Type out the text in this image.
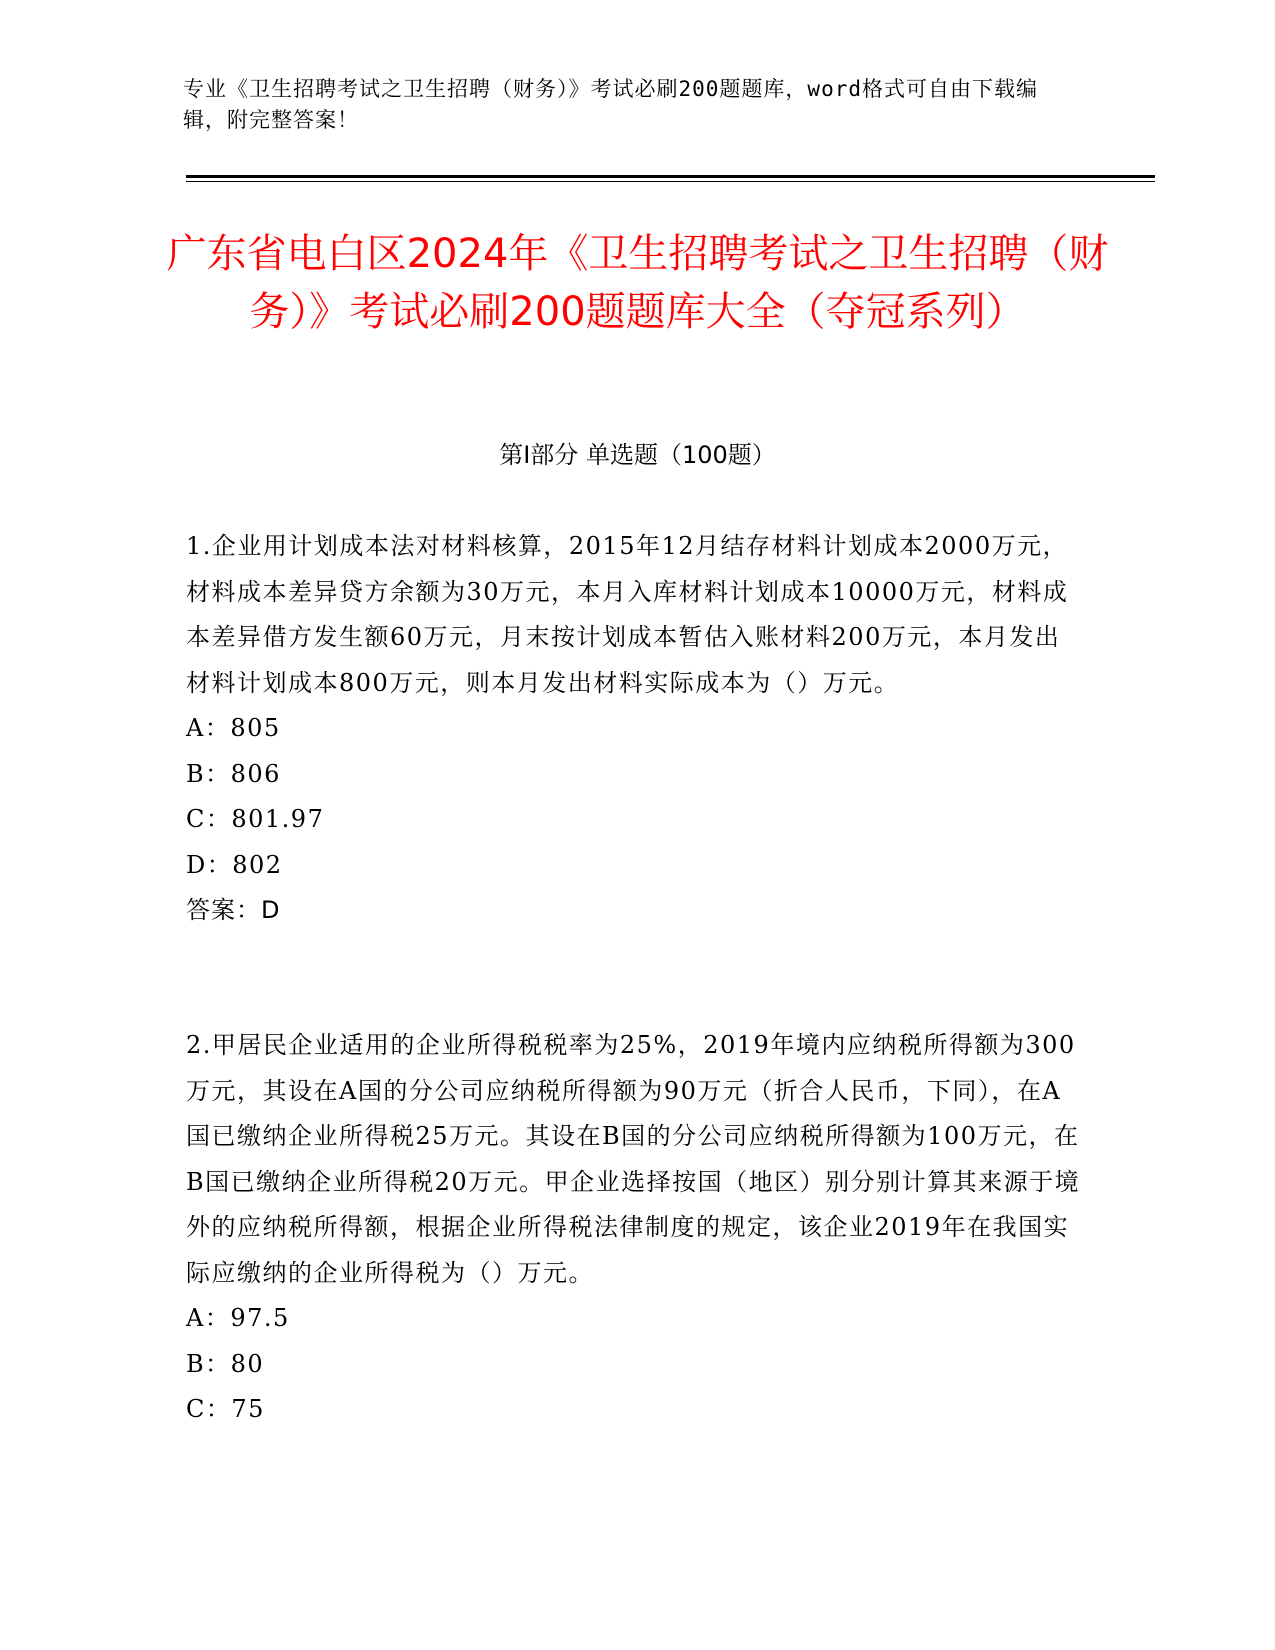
专业《卫生招聘考试之卫生招聘（财务）》考试必刷200题题库，word格式可自由下载编辑，附完整答案！
广东省电白区2024年《卫生招聘考试之卫生招聘（财务）》考试必刷200题题库大全（夺冠系列）
第I部分 单选题（100题）

1.企业用计划成本法对材料核算，2015年12月结存材料计划成本2000万元，材料成本差异贷方余额为30万元，本月入库材料计划成本10000万元，材料成本差异借方发生额60万元，月末按计划成本暂估入账材料200万元，本月发出材料计划成本800万元，则本月发出材料实际成本为（）万元。

A：805
B：806
C：801.97
D：802
答案：D

2.甲居民企业适用的企业所得税税率为25%，2019年境内应纳税所得额为300万元，其设在A国的分公司应纳税所得额为90万元（折合人民币，下同），在A国已缴纳企业所得税25万元。其设在B国的分公司应纳税所得额为100万元，在B国已缴纳企业所得税20万元。甲企业选择按国（地区）别分别计算其来源于境外的应纳税所得额，根据企业所得税法律制度的规定，该企业2019年在我国实际应缴纳的企业所得税为（）万元。

A：97.5
B：80
C：75
